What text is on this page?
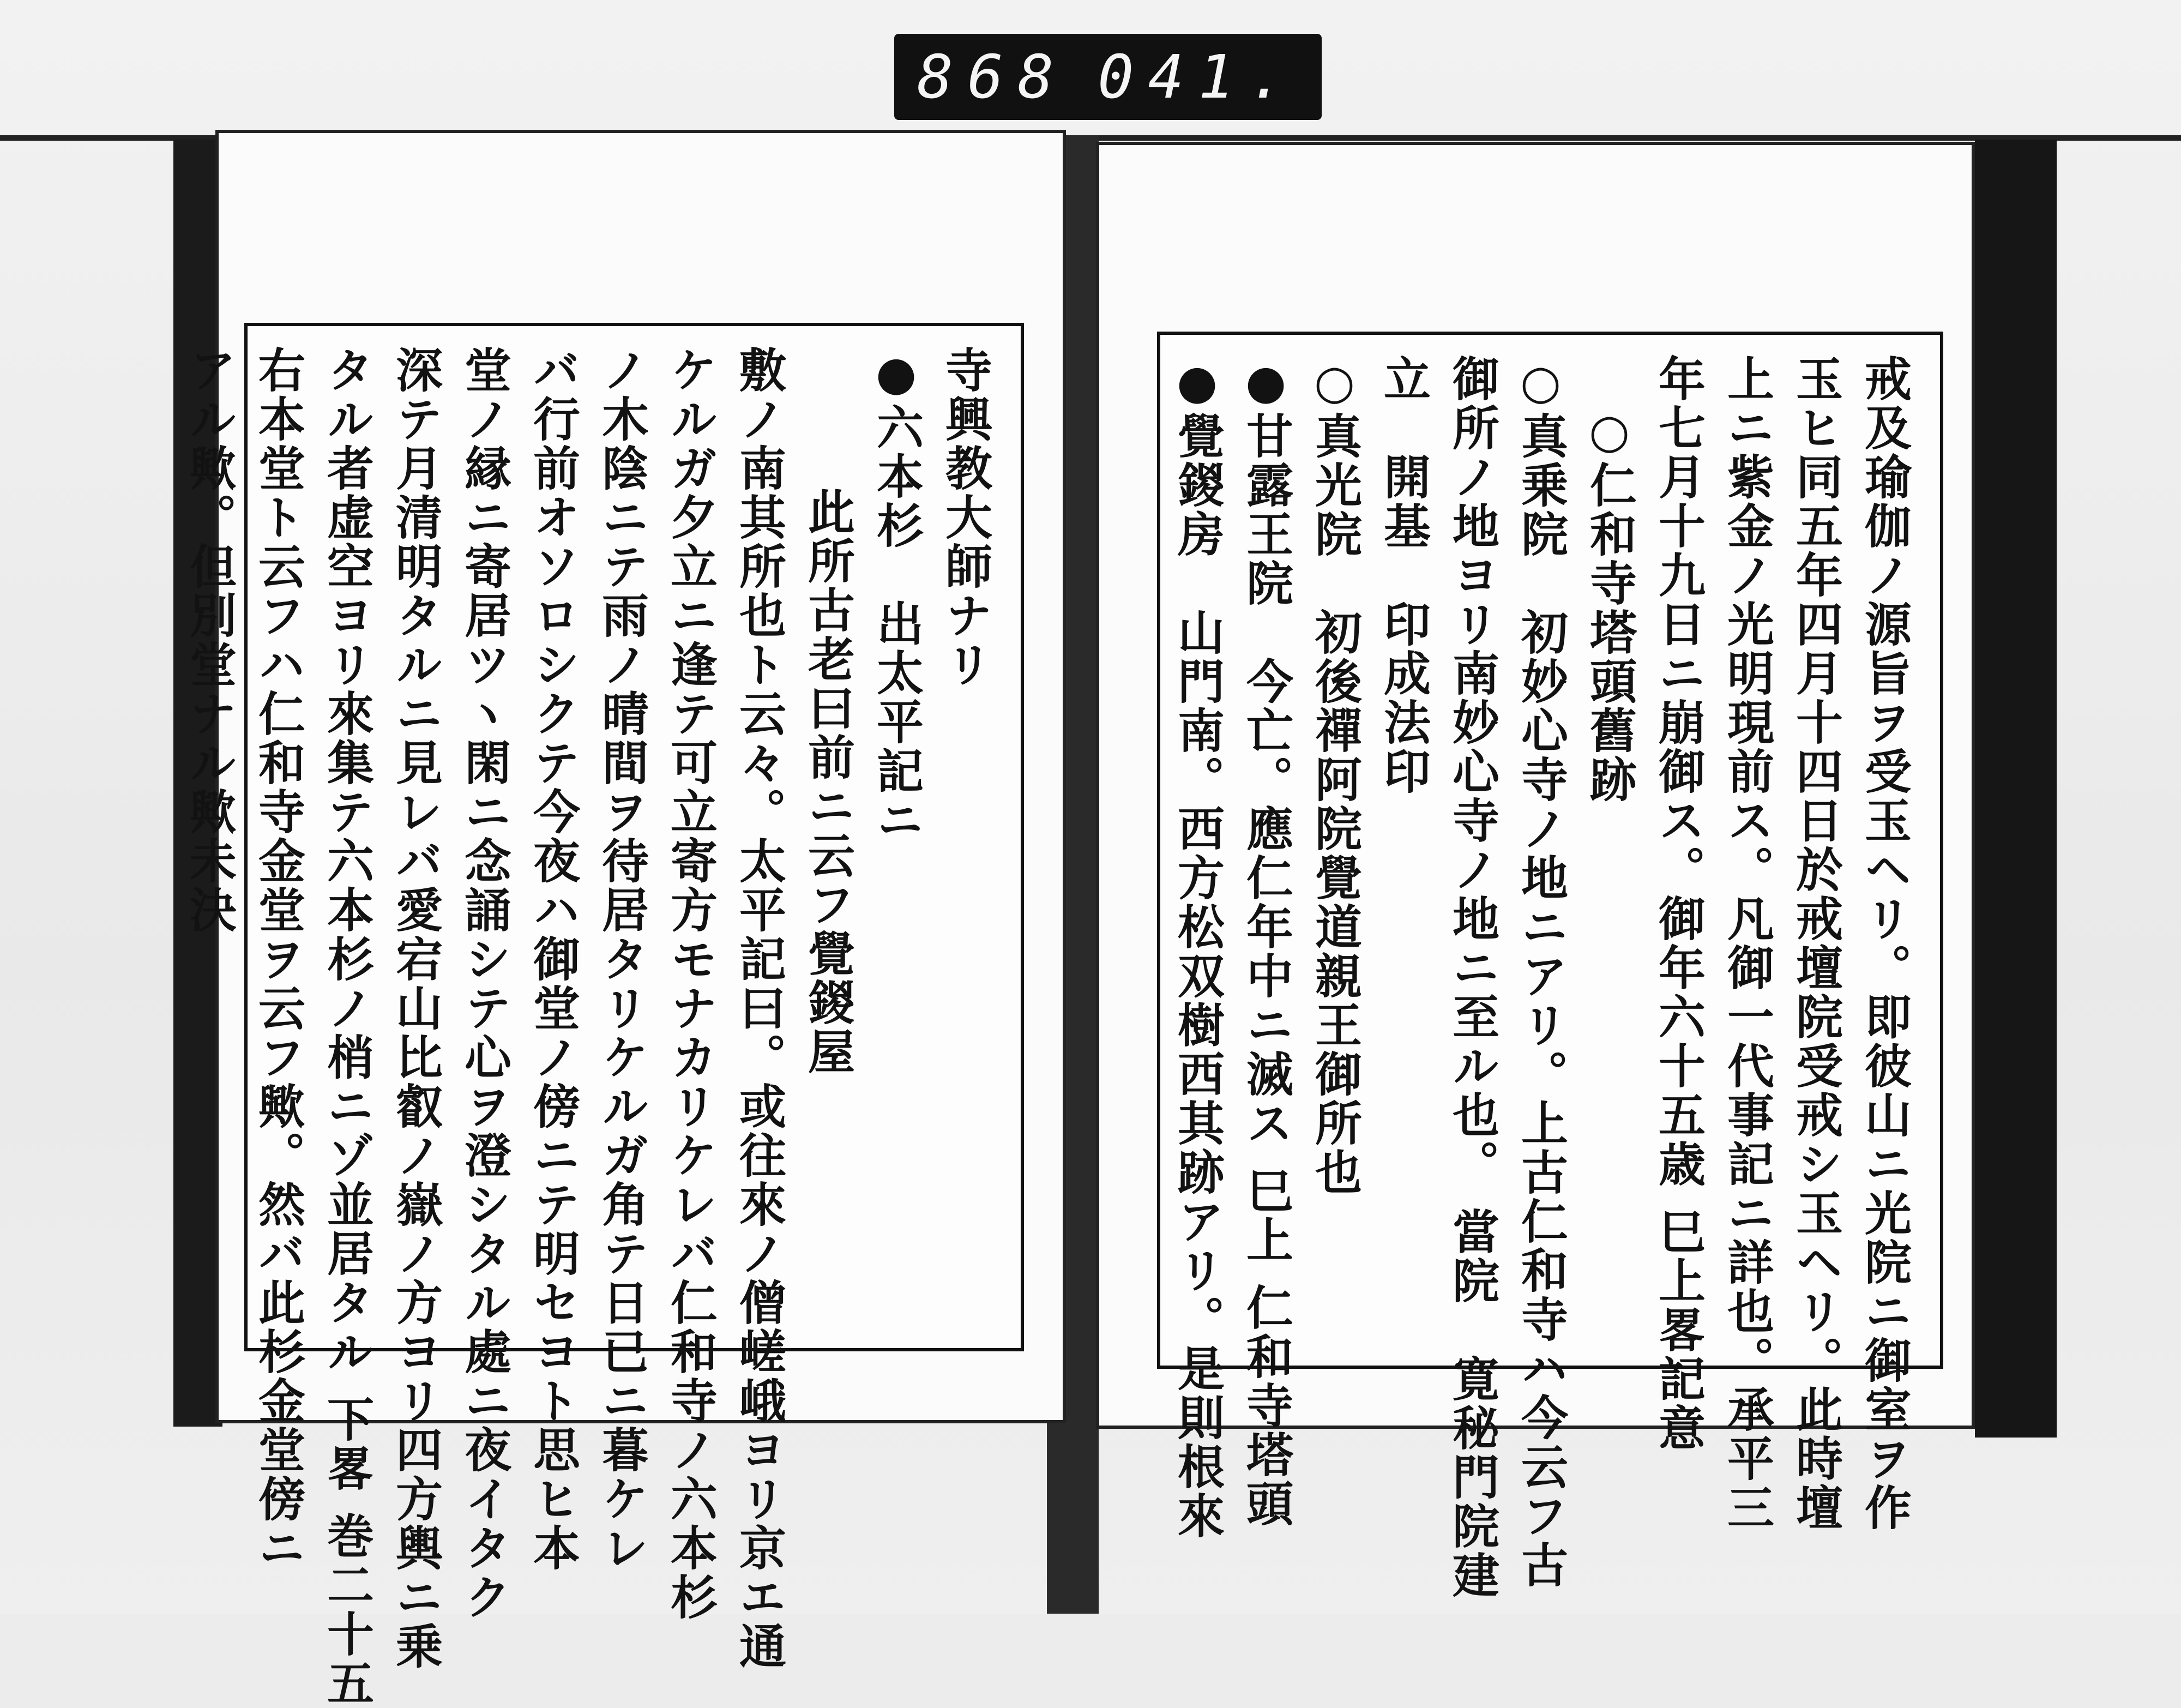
868 041.
戒及瑜伽ノ源旨ヲ受玉ヘリ。即彼山ニ光院ニ御室ヲ作
玉ヒ同五年四月十四日於戒壇院受戒シ玉ヘリ。此時壇
上ニ紫金ノ光明現前ス。凡御一代事記ニ詳也。承平三
年七月十九日ニ崩御ス。御年六十五歳 巳上畧記意
○仁和寺塔頭舊跡
○真乗院　初妙心寺ノ地ニアリ。上古仁和寺ハ今云フ古
御所ノ地ヨリ南妙心寺ノ地ニ至ル也。 當院　寛秘門院建
立　開基　印成法印
○真光院　初後禪阿院覺道親王御所也
●甘露王院　今亡。應仁年中ニ滅ス 巳上 仁和寺塔頭
●覺鍐房　山門南。西方松双樹西其跡アリ。是則根來
寺興教大師ナリ
●六本杉　出太平記ニ
此所古老曰前ニ云フ覺鍐屋
敷ノ南其所也ト云々。太平記曰。或往來ノ僧嵯峨ヨリ京エ通
ケルガ夕立ニ逢テ可立寄方モナカリケレバ仁和寺ノ六本杉
ノ木陰ニテ雨ノ晴間ヲ待居タリケルガ角テ日已ニ暮ケレ
バ行前オソロシクテ今夜ハ御堂ノ傍ニテ明セヨト思ヒ本
堂ノ縁ニ寄居ツヽ閑ニ念誦シテ心ヲ澄シタル處ニ夜イタク
深テ月清明タルニ見レバ愛宕山比叡ノ嶽ノ方ヨリ四方輿ニ乗
タル者虚空ヨリ來集テ六本杉ノ梢ニゾ並居タル 下畧 巻二十五
右本堂ト云フハ仁和寺金堂ヲ云フ歟。然バ此杉金堂傍ニ
アル歟。但別堂ナル歟未決
